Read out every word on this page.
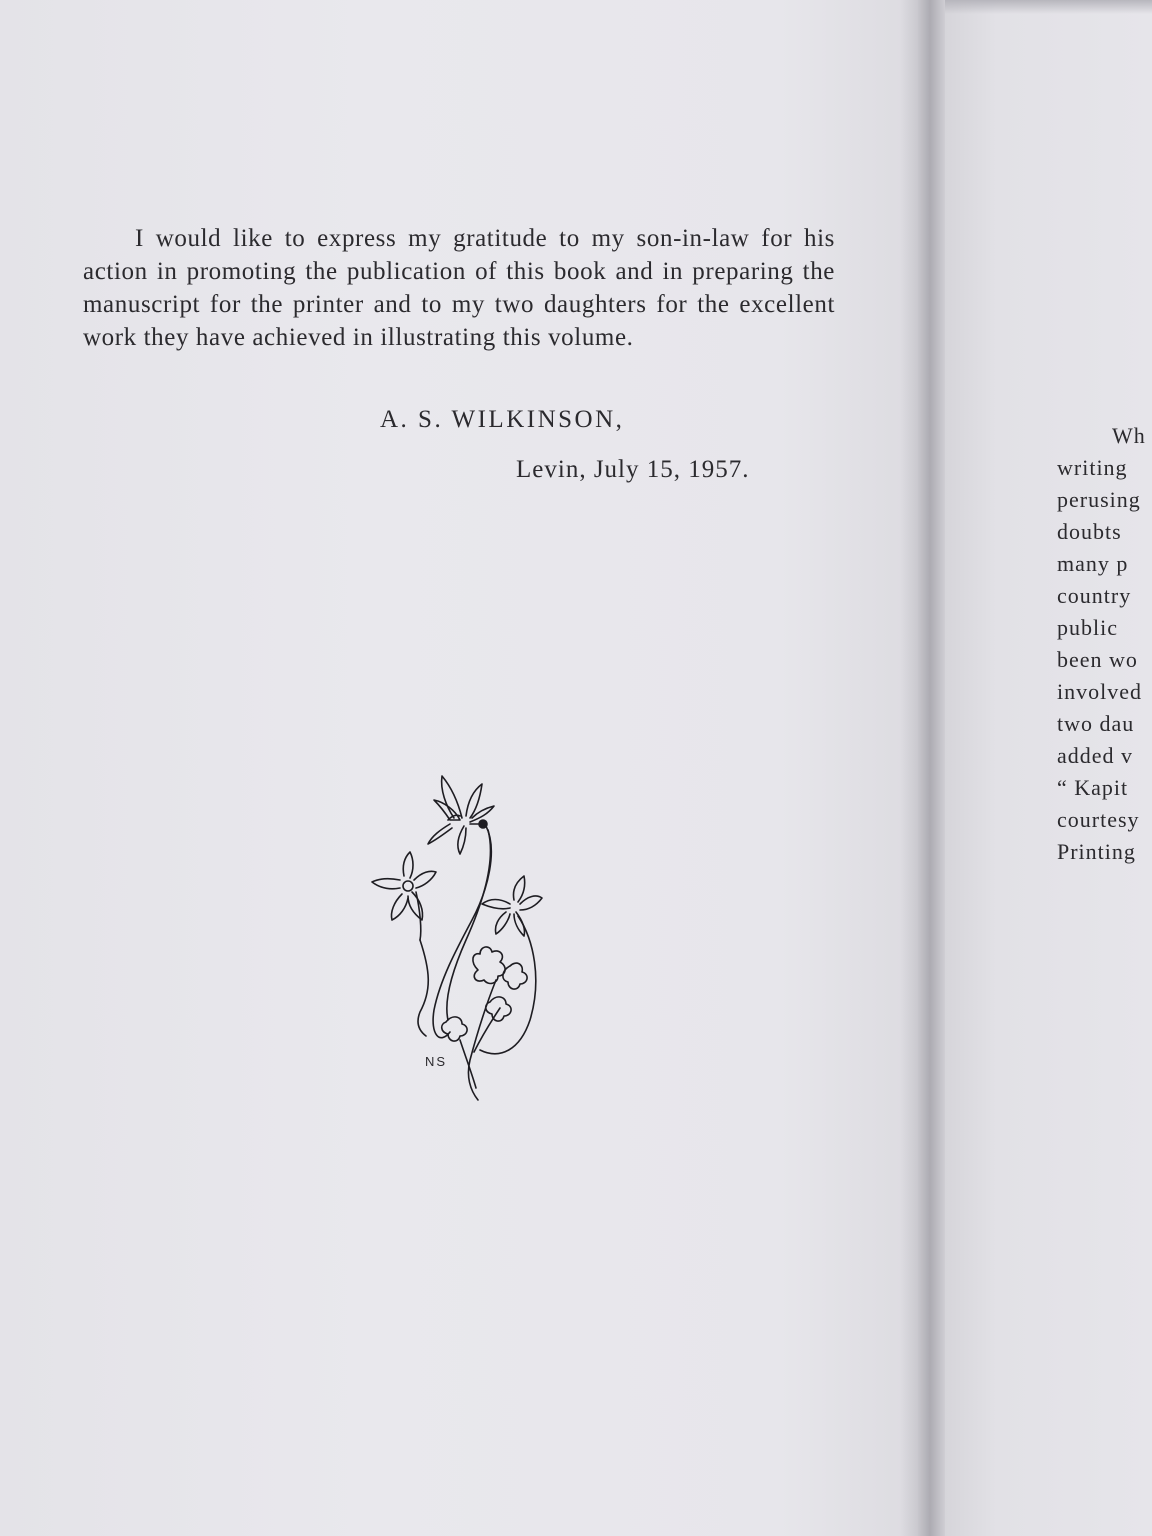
I would like to express my gratitude to my son-in-law for his action in promoting the publication of this book and in preparing the manuscript for the printer and to my two daughters for the excellent work they have achieved in illustrating this volume.

A. S. WILKINSON,

Levin, July 15, 1957.

NS
Wh
writing
perusing
doubts
many p
country
public
been wo
involved
two dau
added v
“ Kapit
courtesy
Printing
